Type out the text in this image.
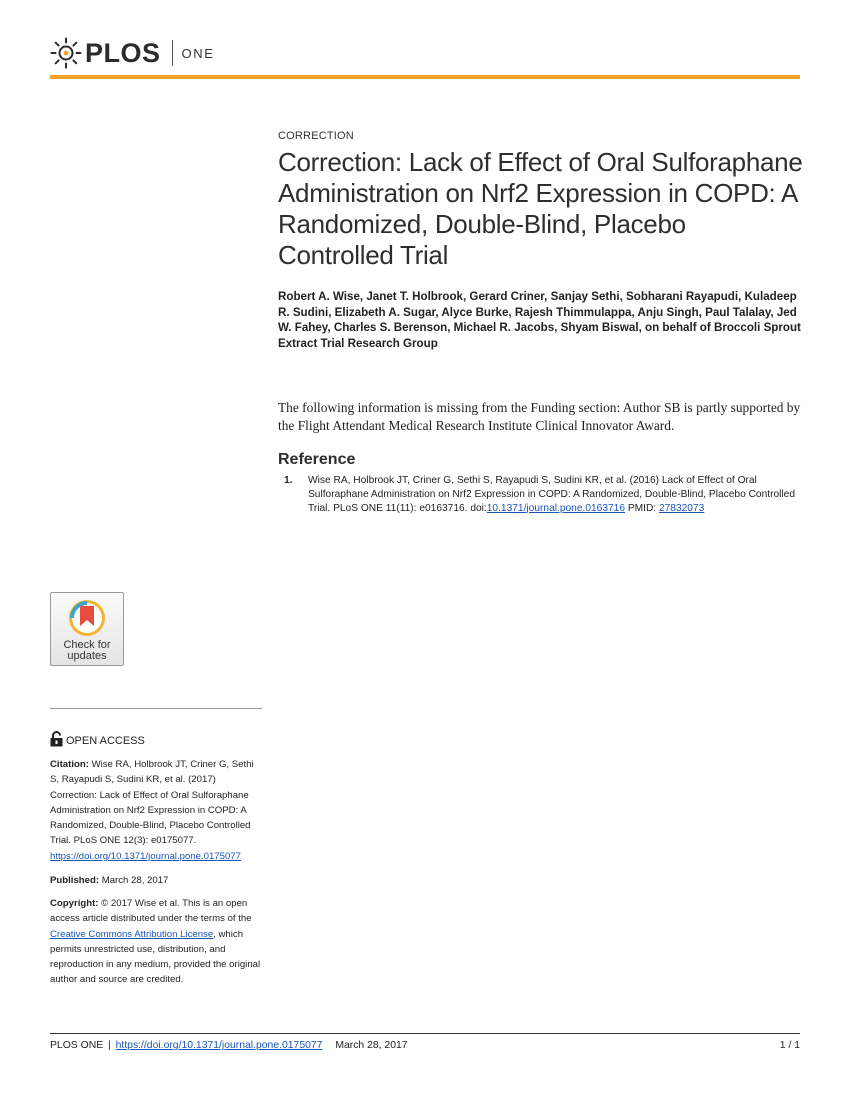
PLOS ONE
CORRECTION
Correction: Lack of Effect of Oral Sulforaphane Administration on Nrf2 Expression in COPD: A Randomized, Double-Blind, Placebo Controlled Trial

Robert A. Wise, Janet T. Holbrook, Gerard Criner, Sanjay Sethi, Sobharani Rayapudi, Kuladeep R. Sudini, Elizabeth A. Sugar, Alyce Burke, Rajesh Thimmulappa, Anju Singh, Paul Talalay, Jed W. Fahey, Charles S. Berenson, Michael R. Jacobs, Shyam Biswal, on behalf of Broccoli Sprout Extract Trial Research Group

The following information is missing from the Funding section: Author SB is partly supported by the Flight Attendant Medical Research Institute Clinical Innovator Award.

Reference
1. Wise RA, Holbrook JT, Criner G, Sethi S, Rayapudi S, Sudini KR, et al. (2016) Lack of Effect of Oral Sulforaphane Administration on Nrf2 Expression in COPD: A Randomized, Double-Blind, Placebo Controlled Trial. PLoS ONE 11(11): e0163716. doi:10.1371/journal.pone.0163716 PMID: 27832073
Check for
updates
OPEN ACCESS

Citation: Wise RA, Holbrook JT, Criner G, Sethi S, Rayapudi S, Sudini KR, et al. (2017) Correction: Lack of Effect of Oral Sulforaphane Administration on Nrf2 Expression in COPD: A Randomized, Double-Blind, Placebo Controlled Trial. PLoS ONE 12(3): e0175077. https://doi.org/10.1371/journal.pone.0175077

Published: March 28, 2017

Copyright: © 2017 Wise et al. This is an open access article distributed under the terms of the Creative Commons Attribution License, which permits unrestricted use, distribution, and reproduction in any medium, provided the original author and source are credited.

PLOS ONE | https://doi.org/10.1371/journal.pone.0175077 March 28, 2017	1 / 1
